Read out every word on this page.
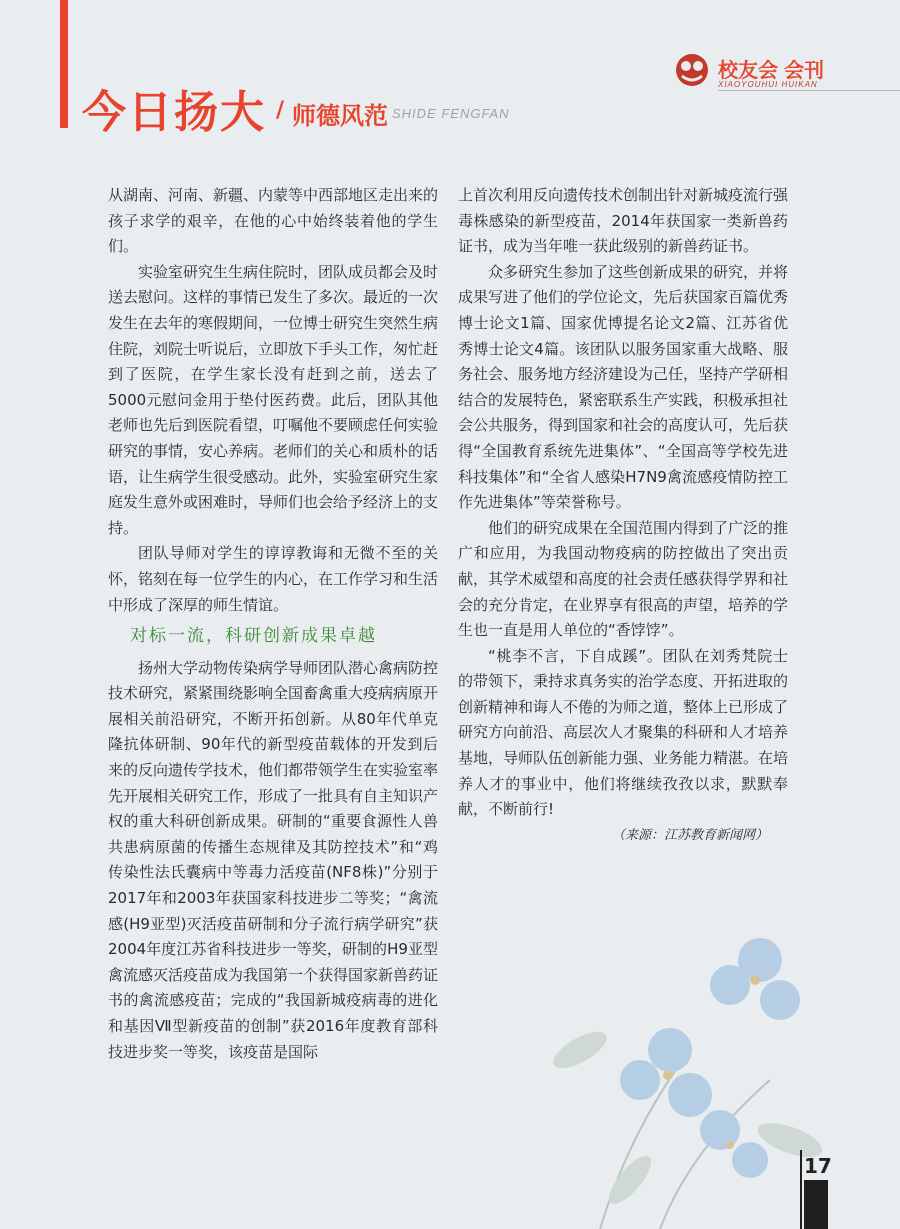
今日扬大 / 师德风范 SHIDE FENGFAN
校友会 会刊
XIAOYOUHUI HUIKAN

从湖南、河南、新疆、内蒙等中西部地区走出来的孩子求学的艰辛，在他的心中始终装着他的学生们。

实验室研究生生病住院时，团队成员都会及时送去慰问。这样的事情已发生了多次。最近的一次发生在去年的寒假期间，一位博士研究生突然生病住院，刘院士听说后，立即放下手头工作，匆忙赶到了医院，在学生家长没有赶到之前，送去了5000元慰问金用于垫付医药费。此后，团队其他老师也先后到医院看望，叮嘱他不要顾虑任何实验研究的事情，安心养病。老师们的关心和质朴的话语，让生病学生很受感动。此外，实验室研究生家庭发生意外或困难时，导师们也会给予经济上的支持。

团队导师对学生的谆谆教诲和无微不至的关怀，铭刻在每一位学生的内心，在工作学习和生活中形成了深厚的师生情谊。

对标一流，科研创新成果卓越

扬州大学动物传染病学导师团队潜心禽病防控技术研究，紧紧围绕影响全国畜禽重大疫病病原开展相关前沿研究，不断开拓创新。从80年代单克隆抗体研制、90年代的新型疫苗载体的开发到后来的反向遗传学技术，他们都带领学生在实验室率先开展相关研究工作，形成了一批具有自主知识产权的重大科研创新成果。研制的“重要食源性人兽共患病原菌的传播生态规律及其防控技术”和“鸡传染性法氏囊病中等毒力活疫苗(NF8株)”分别于2017年和2003年获国家科技进步二等奖；“禽流感(H9亚型)灭活疫苗研制和分子流行病学研究”获2004年度江苏省科技进步一等奖，研制的H9亚型禽流感灭活疫苗成为我国第一个获得国家新兽药证书的禽流感疫苗；完成的“我国新城疫病毒的进化和基因Ⅶ型新疫苗的创制”获2016年度教育部科技进步奖一等奖，该疫苗是国际

上首次利用反向遗传技术创制出针对新城疫流行强毒株感染的新型疫苗，2014年获国家一类新兽药证书，成为当年唯一获此级别的新兽药证书。

众多研究生参加了这些创新成果的研究，并将成果写进了他们的学位论文，先后获国家百篇优秀博士论文1篇、国家优博提名论文2篇、江苏省优秀博士论文4篇。该团队以服务国家重大战略、服务社会、服务地方经济建设为己任，坚持产学研相结合的发展特色，紧密联系生产实践，积极承担社会公共服务，得到国家和社会的高度认可，先后获得“全国教育系统先进集体”、“全国高等学校先进科技集体”和“全省人感染H7N9禽流感疫情防控工作先进集体”等荣誉称号。

他们的研究成果在全国范围内得到了广泛的推广和应用，为我国动物疫病的防控做出了突出贡献，其学术威望和高度的社会责任感获得学界和社会的充分肯定，在业界享有很高的声望，培养的学生也一直是用人单位的“香饽饽”。

“桃李不言，下自成蹊”。团队在刘秀梵院士的带领下，秉持求真务实的治学态度、开拓进取的创新精神和诲人不倦的为师之道，整体上已形成了研究方向前沿、高层次人才聚集的科研和人才培养基地，导师队伍创新能力强、业务能力精湛。在培养人才的事业中，他们将继续孜孜以求，默默奉献，不断前行!

（来源：江苏教育新闻网）

17
